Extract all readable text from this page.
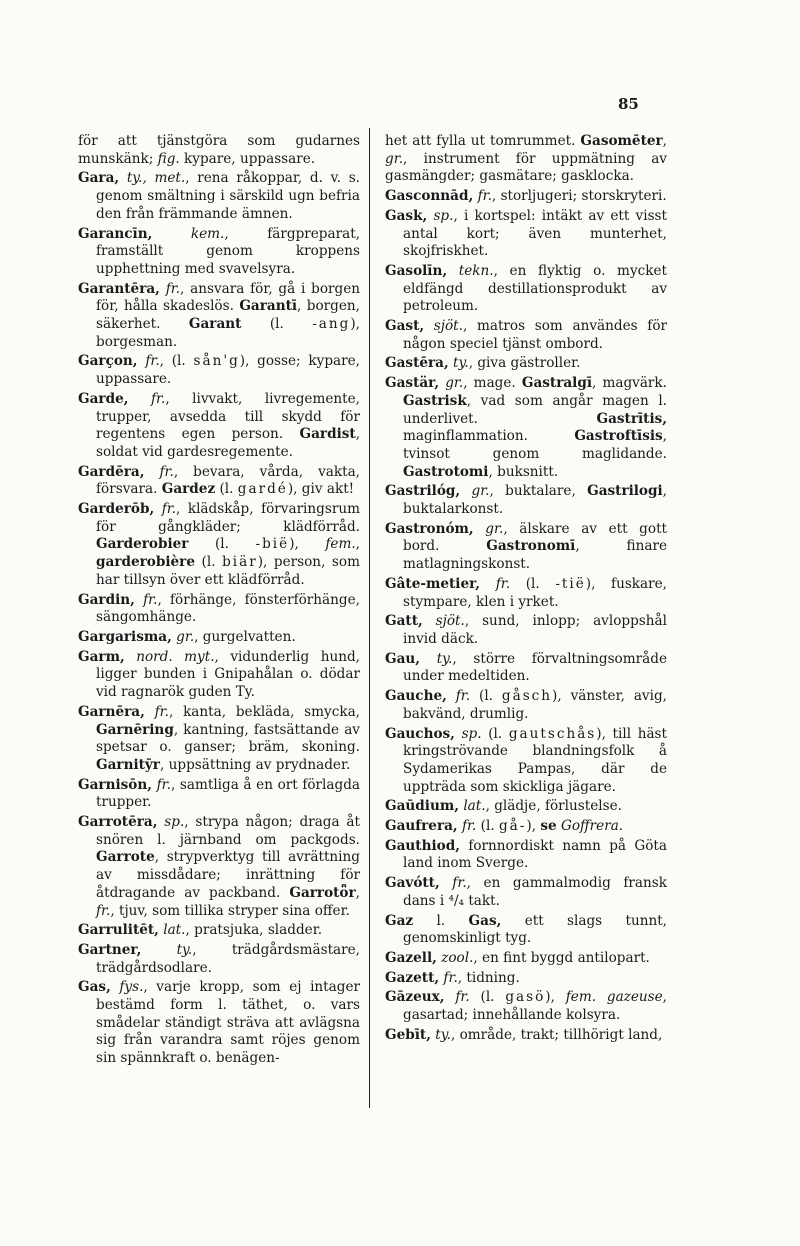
85

för att tjänstgöra som gudarnes munskänk; fig. kypare, uppassare.

Gara, ty., met., rena råkoppar, d. v. s. genom smältning i särskild ugn befria den från främmande ämnen.

Garancīn,	kem., färgpreparat, framställt genom kroppens upphettning med svavelsyra.

Garantēra, fr., ansvara för, gå i borgen för, hålla skadeslös. Garantī, borgen, säkerhet. Garant (l. -ang), borgesman.

Garçon, fr., (l. sån'g), gosse; kypare, uppassare.

Garde, fr., livvakt, livregemente, trupper, avsedda till skydd för regentens egen person. Gardist, soldat vid gardesregemente.

Gardēra, fr., bevara, vårda, vakta, försvara. Gardez (l. gardé), giv akt!

Garderōb, fr., klädskåp, förvaringsrum för gångkläder; klädförråd. Garderobier (l. -bië), fem., garderobière (l. biär), person, som har tillsyn över ett klädförråd.

Gardin, fr., förhänge, fönsterförhänge, sängomhänge.

Gargarisma, gr., gurgelvatten.

Garm, nord. myt., vidunderlig hund, ligger bunden i Gnipahålan o. dödar vid ragnarök guden Ty.

Garnēra, fr., kanta, bekläda, smycka, Garnēring, kantning, fastsättande av spetsar o. ganser; bräm, skoning. Garnitȳr, uppsättning av prydnader.

Garnisōn, fr., samtliga å en ort förlagda trupper.

Garrotēra, sp., strypa någon; draga åt snören l. järnband om packgods. Garrote, strypverktyg till avrättning av missdådare; inrättning för åtdragande av packband. Garrotȫr, fr., tjuv, som tillika stryper sina offer.

Garrulitēt, lat., pratsjuka, sladder.

Gartner,	ty., trädgårdsmästare, trädgårdsodlare.

Gas, fys., varje kropp, som ej intager bestämd form l. täthet, o. vars smådelar ständigt sträva att avlägsna sig från varandra samt röjes genom sin spännkraft o. benägen-

het att fylla ut tomrummet. Gasomēter, gr., instrument för uppmätning av gasmängder; gasmätare; gasklocka.

Gasconnād, fr., storljugeri; storskryteri.

Gask, sp., i kortspel: intäkt av ett visst antal kort; även munterhet, skojfriskhet.

Gasolīn, tekn., en flyktig o. mycket eldfängd destillationsprodukt av petroleum.

Gast, sjöt., matros som användes för någon speciel tjänst ombord.

Gastēra, ty., giva gästroller.

Gastär, gr., mage. Gastralgī, magvärk. Gastrisk, vad som angår magen l. underlivet. Gastrītis, maginflammation. Gastroftīsis, tvinsot genom maglidande. Gastrotomi, buksnitt.

Gastrilóg, gr., buktalare, Gastrilogi, buktalarkonst.

Gastronóm, gr., älskare av ett gott bord. Gastronomī, finare matlagningskonst.

Gâte-metier, fr. (l. -tië), fuskare, stympare, klen i yrket.

Gatt, sjöt., sund, inlopp; avloppshål invid däck.

Gau, ty., större förvaltningsområde under medeltiden.

Gauche, fr. (l. gåsch), vänster, avig, bakvänd, drumlig.

Gauchos, sp. (l. gautschås), till häst kringströvande blandningsfolk å Sydamerikas Pampas, där de uppträda som skickliga jägare.

Gaūdium, lat., glädje, förlustelse.

Gaufrera, fr. (l. gå-), se Goffrera.

Gauthiod, fornnordiskt namn på Göta land inom Sverge.

Gavótt, fr., en gammalmodig fransk dans i ⁴/₄ takt.

Gaz l. Gas, ett slags tunnt, genomskinligt tyg.

Gazell, zool., en fint byggd antilopart.

Gazett, fr., tidning.

Gāzeux, fr. (l. gasö), fem. gazeuse, gasartad; innehållande kolsyra.

Gebīt, ty., område, trakt; tillhörigt land,
